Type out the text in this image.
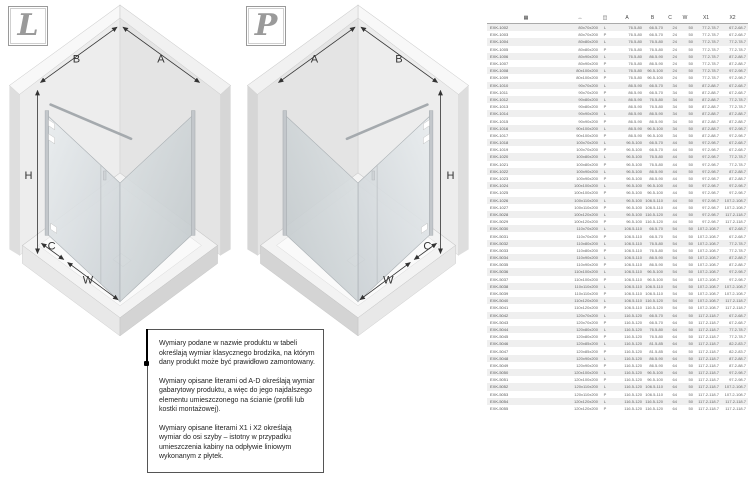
B	A
H
C
W
L
A	B
H
C
W
P

Wymiary podane w nazwie produktu w tabeli określają wymiar klasycznego brodzika, na którym dany produkt może być prawidłowo zamontowany.

Wymiary opisane literami od A-D określają wymiar gabarytowy produktu, a więc do jego najdalszego elementu umieszczonego na ścianie (profili lub kostki montażowej).

Wymiary opisane literami X1 i X2 określają wymiar do osi szyby – istotny w przypadku umieszczenia kabiny na odpływie liniowym wykonanym z płytek.

▦	↔	◫	A	B	C	W	X1	X2
EXK-1002	80x70x200	L	76.5-80	66.5-70	24	50	77.2-78.7	67.2-68.7
EXK-1003	80x70x200	P	76.5-80	66.5-70	24	50	77.2-78.7	67.2-68.7
EXK-1004	80x80x200	L	76.5-80	76.5-80	24	50	77.2-78.7	77.2-78.7
EXK-1005	80x80x200	P	76.5-80	76.5-80	24	50	77.2-78.7	77.2-78.7
EXK-1006	80x90x200	L	76.5-80	86.5-90	24	50	77.2-78.7	87.2-88.7
EXK-1007	80x90x200	P	76.5-80	86.5-90	24	50	77.2-78.7	87.2-88.7
EXK-1008	80x100x200	L	76.5-80	96.5-100	24	50	77.2-78.7	97.2-98.7
EXK-1009	80x100x200	P	76.5-80	96.5-100	24	50	77.2-78.7	97.2-98.7
EXK-1010	90x70x200	L	86.5-90	66.5-70	34	50	87.2-88.7	67.2-68.7
EXK-1011	90x70x200	P	86.5-90	66.5-70	34	50	87.2-88.7	67.2-68.7
EXK-1012	90x80x200	L	86.5-90	76.5-80	34	50	87.2-88.7	77.2-78.7
EXK-1013	90x80x200	P	86.5-90	76.5-80	34	50	87.2-88.7	77.2-78.7
EXK-1014	90x90x200	L	86.5-90	86.5-90	34	50	87.2-88.7	87.2-88.7
EXK-1015	90x90x200	P	86.5-90	86.5-90	34	50	87.2-88.7	87.2-88.7
EXK-1016	90x100x200	L	86.5-90	96.5-100	34	50	87.2-88.7	97.2-98.7
EXK-1017	90x100x200	P	86.5-90	96.5-100	34	50	87.2-88.7	97.2-98.7
EXK-1018	100x70x200	L	96.5-100	66.5-70	44	50	97.2-98.7	67.2-68.7
EXK-1019	100x70x200	P	96.5-100	66.5-70	44	50	97.2-98.7	67.2-68.7
EXK-1020	100x80x200	L	96.5-100	76.5-80	44	50	97.2-98.7	77.2-78.7
EXK-1021	100x80x200	P	96.5-100	76.5-80	44	50	97.2-98.7	77.2-78.7
EXK-1022	100x90x200	L	96.5-100	86.5-90	44	50	97.2-98.7	87.2-88.7
EXK-1023	100x90x200	P	96.5-100	86.5-90	44	50	97.2-98.7	87.2-88.7
EXK-1024	100x100x200	L	96.5-100	96.5-100	44	50	97.2-98.7	97.2-98.7
EXK-1025	100x100x200	P	96.5-100	96.5-100	44	50	97.2-98.7	97.2-98.7
EXK-1026	100x110x200	L	96.5-100	106.5-110	44	50	97.2-98.7	107.2-108.7
EXK-1027	100x110x200	P	96.5-100	106.5-110	44	50	97.2-98.7	107.2-108.7
EXK-5028	100x120x200	L	96.5-100	116.5-120	44	50	97.2-98.7	117.2-118.7
EXK-5029	100x120x200	P	96.5-100	116.5-120	44	50	97.2-98.7	117.2-118.7
EXK-5030	110x70x200	L	106.5-110	66.5-70	54	50	107.2-108.7	67.2-68.7
EXK-5031	110x70x200	P	106.5-110	66.5-70	54	50	107.2-108.7	67.2-68.7
EXK-5032	110x80x200	L	106.5-110	76.5-80	54	50	107.2-108.7	77.2-78.7
EXK-5033	110x80x200	P	106.5-110	76.5-80	54	50	107.2-108.7	77.2-78.7
EXK-5034	110x90x200	L	106.5-110	86.5-90	54	50	107.2-108.7	87.2-88.7
EXK-5035	110x90x200	P	106.5-110	86.5-90	54	50	107.2-108.7	87.2-88.7
EXK-5036	110x100x200	L	106.5-110	96.5-100	54	50	107.2-108.7	97.2-98.7
EXK-5037	110x100x200	P	106.5-110	96.5-100	54	50	107.2-108.7	97.2-98.7
EXK-5038	110x110x200	L	106.5-110	106.5-110	54	50	107.2-108.7	107.2-108.7
EXK-5039	110x110x200	P	106.5-110	106.5-110	54	50	107.2-108.7	107.2-108.7
EXK-5040	110x120x200	L	106.5-110	116.5-120	54	50	107.2-108.7	117.2-118.7
EXK-5041	110x120x200	P	106.5-110	116.5-120	54	50	107.2-108.7	117.2-118.7
EXK-5042	120x70x200	L	116.5-120	66.5-70	64	50	117.2-118.7	67.2-68.7
EXK-5043	120x70x200	P	116.5-120	66.5-70	64	50	117.2-118.7	67.2-68.7
EXK-5044	120x80x200	L	116.5-120	76.5-80	64	50	117.2-118.7	77.2-78.7
EXK-5045	120x80x200	P	116.5-120	76.5-80	64	50	117.2-118.7	77.2-78.7
EXK-5046	120x85x200	L	116.5-120	81.5-85	64	50	117.2-118.7	82.2-83.7
EXK-5047	120x85x200	P	116.5-120	81.5-85	64	50	117.2-118.7	82.2-83.7
EXK-5048	120x90x200	L	116.5-120	86.5-90	64	50	117.2-118.7	87.2-88.7
EXK-5049	120x90x200	P	116.5-120	86.5-90	64	50	117.2-118.7	87.2-88.7
EXK-5050	120x100x200	L	116.5-120	96.5-100	64	50	117.2-118.7	97.2-98.7
EXK-5051	120x100x200	P	116.5-120	96.5-100	64	50	117.2-118.7	97.2-98.7
EXK-5052	120x110x200	L	116.5-120	106.5-110	64	50	117.2-118.7	107.2-108.7
EXK-5053	120x110x200	P	116.5-120	106.5-110	64	50	117.2-118.7	107.2-108.7
EXK-5054	120x120x200	L	116.5-120	116.5-120	64	50	117.2-118.7	117.2-118.7
EXK-5055	120x120x200	P	116.5-120	116.5-120	64	50	117.2-118.7	117.2-118.7
